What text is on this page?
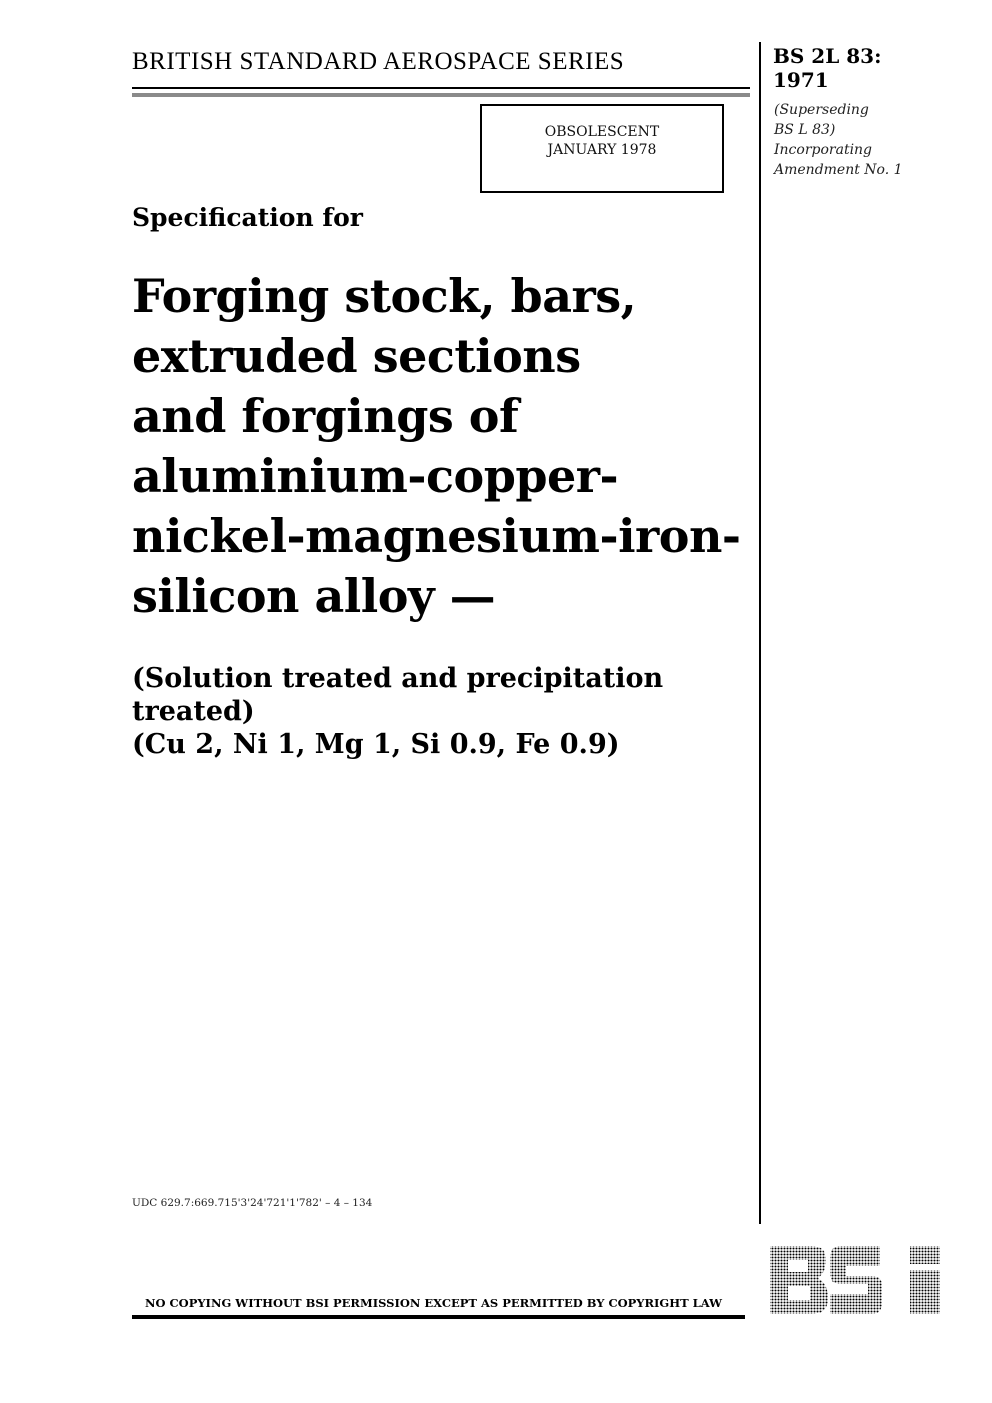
BRITISH STANDARD AEROSPACE SERIES	BS 2L 83:
1971
(Superseding
BS L 83)
Incorporating
Amendment No. 1
OBSOLESCENT
JANUARY 1978
Specification for
Forging stock, bars,
extruded sections
and forgings of
aluminium-copper-
nickel-magnesium-iron-
silicon alloy —
(Solution treated and precipitation
treated)
(Cu 2, Ni 1, Mg 1, Si 0.9, Fe 0.9)
UDC 629.7:669.715'3'24'721'1'782' – 4 – 134
NO COPYING WITHOUT BSI PERMISSION EXCEPT AS PERMITTED BY COPYRIGHT LAW
